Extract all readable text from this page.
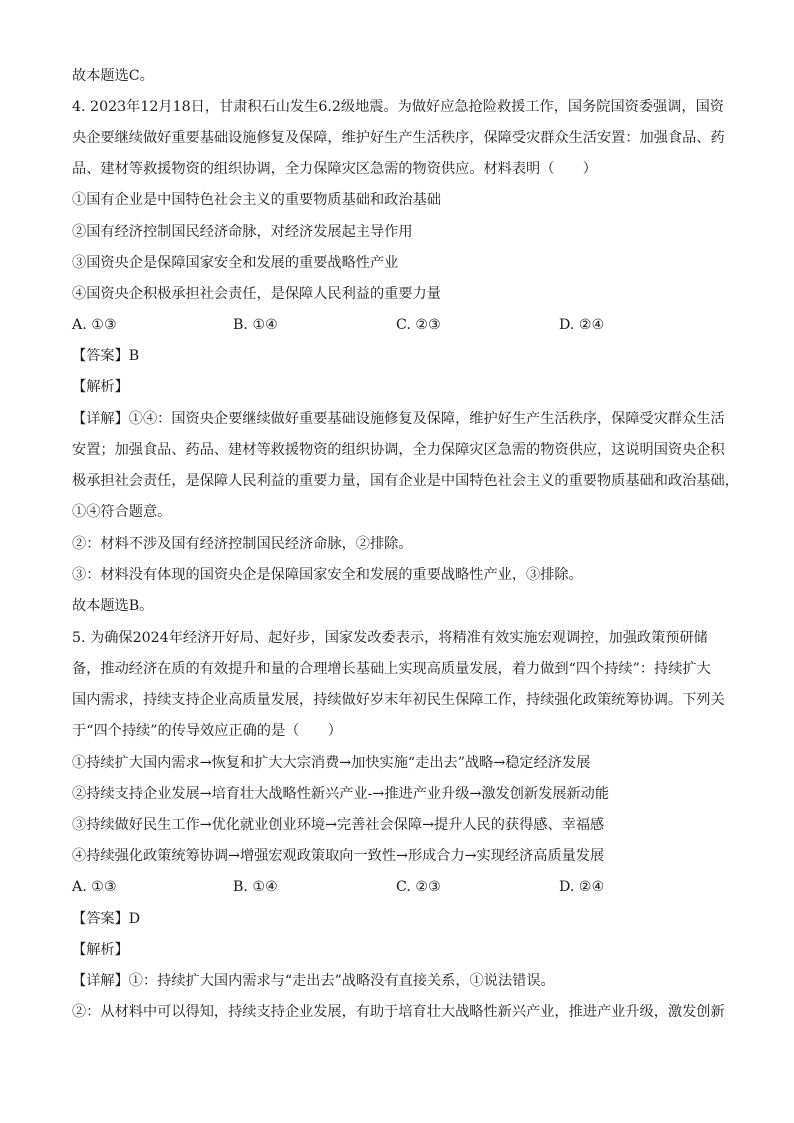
故本题选C。
4. 2023年12月18日，甘肃积石山发生6.2级地震。为做好应急抢险救援工作，国务院国资委强调，国资
央企要继续做好重要基础设施修复及保障，维护好生产生活秩序，保障受灾群众生活安置：加强食品、药
品、建材等救援物资的组织协调，全力保障灾区急需的物资供应。材料表明（　　）
①国有企业是中国特色社会主义的重要物质基础和政治基础
②国有经济控制国民经济命脉，对经济发展起主导作用
③国资央企是保障国家安全和发展的重要战略性产业
④国资央企积极承担社会责任，是保障人民利益的重要力量
A. ①③	B. ①④	C. ②③	D. ②④
【答案】B
【解析】
【详解】①④：国资央企要继续做好重要基础设施修复及保障，维护好生产生活秩序，保障受灾群众生活
安置；加强食品、药品、建材等救援物资的组织协调，全力保障灾区急需的物资供应，这说明国资央企积
极承担社会责任，是保障人民利益的重要力量，国有企业是中国特色社会主义的重要物质基础和政治基础，
①④符合题意。
②：材料不涉及国有经济控制国民经济命脉，②排除。
③：材料没有体现的国资央企是保障国家安全和发展的重要战略性产业，③排除。
故本题选B。
5. 为确保2024年经济开好局、起好步，国家发改委表示，将精准有效实施宏观调控，加强政策预研储
备，推动经济在质的有效提升和量的合理增长基础上实现高质量发展，着力做到“四个持续”：持续扩大
国内需求，持续支持企业高质量发展，持续做好岁末年初民生保障工作，持续强化政策统筹协调。下列关
于“四个持续”的传导效应正确的是（　　）
①持续扩大国内需求→恢复和扩大大宗消费→加快实施“走出去”战略→稳定经济发展
②持续支持企业发展→培育壮大战略性新兴产业-→推进产业升级→激发创新发展新动能
③持续做好民生工作→优化就业创业环境→完善社会保障→提升人民的获得感、幸福感
④持续强化政策统筹协调→增强宏观政策取向一致性→形成合力→实现经济高质量发展
A. ①③	B. ①④	C. ②③	D. ②④
【答案】D
【解析】
【详解】①：持续扩大国内需求与“走出去”战略没有直接关系，①说法错误。
②：从材料中可以得知，持续支持企业发展，有助于培育壮大战略性新兴产业，推进产业升级，激发创新
